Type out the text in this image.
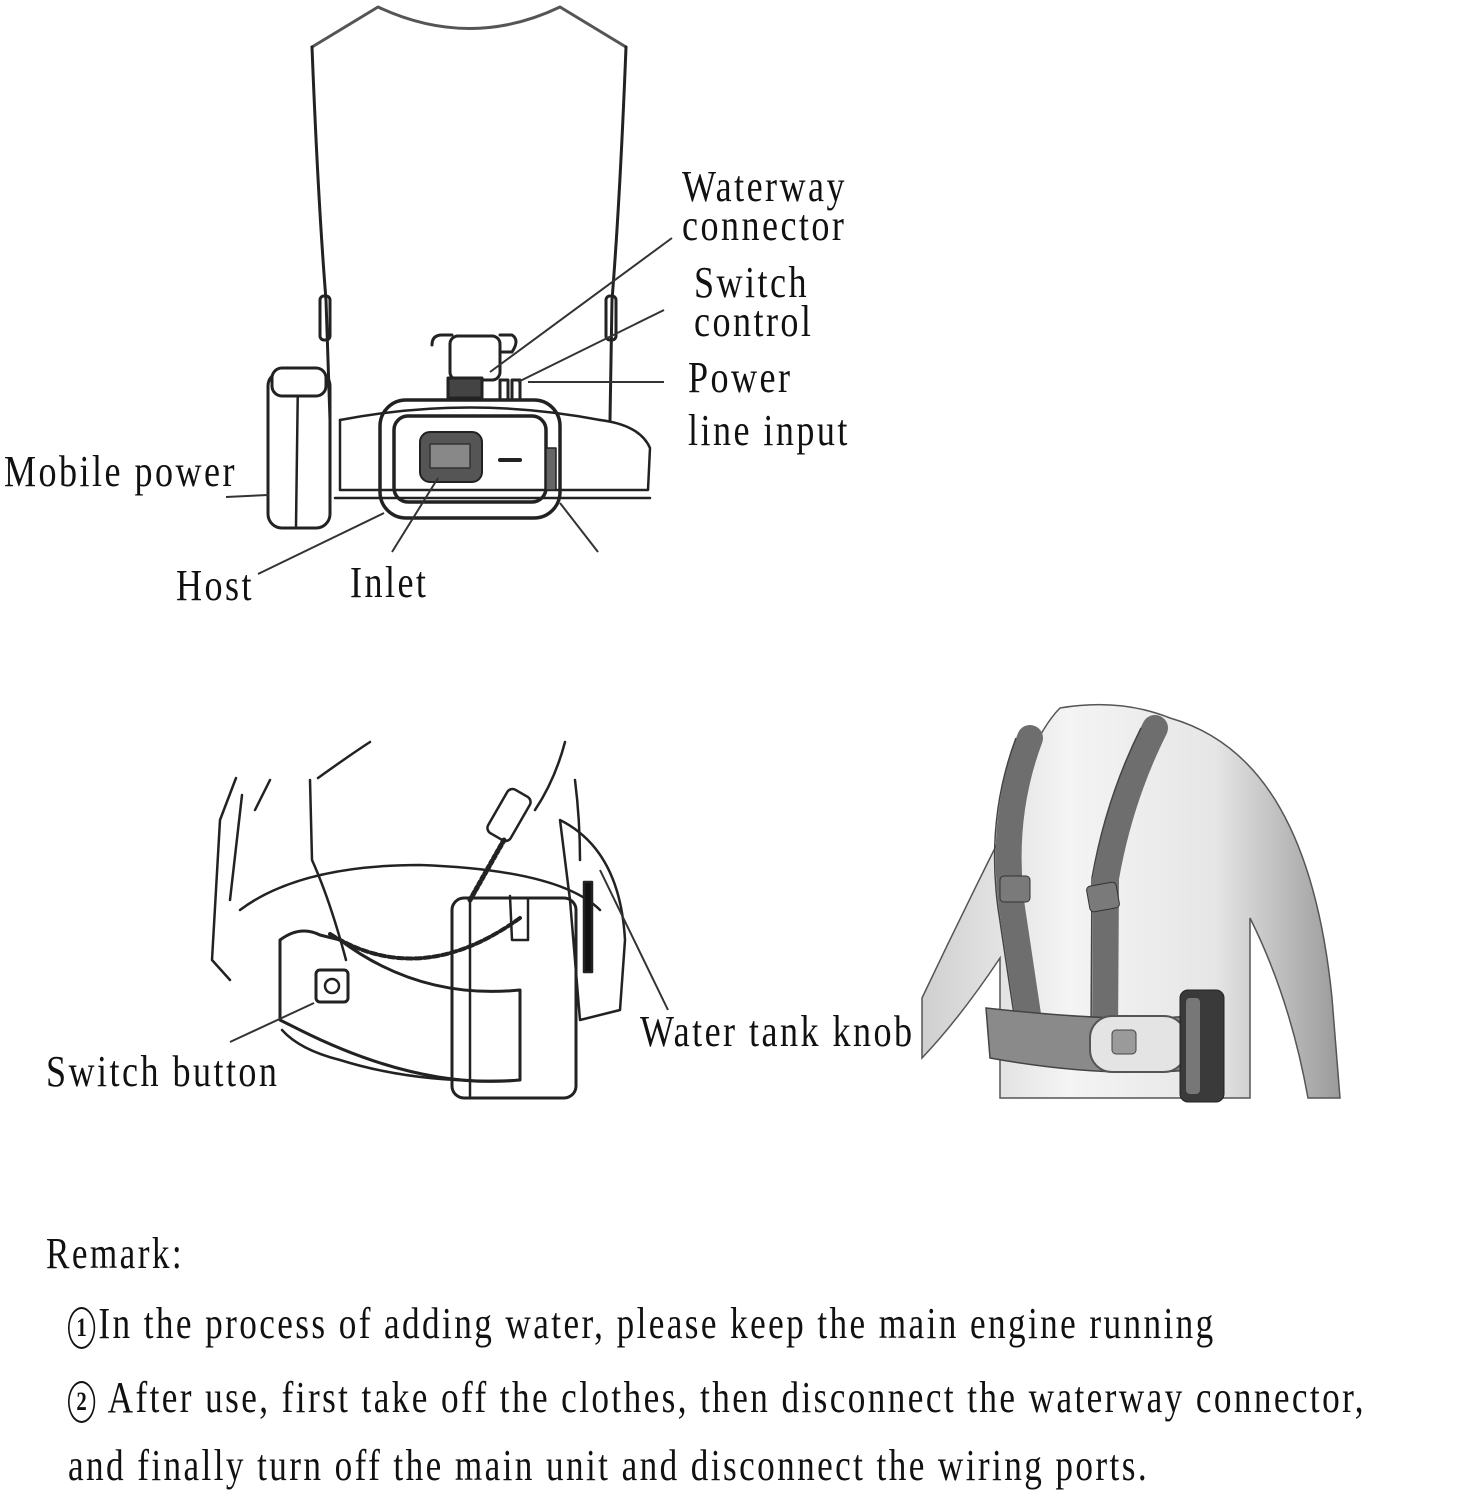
Waterway
connector
Switch
control
Power
line input
Mobile power
Host Inlet
Switch button
Water tank knob
Remark:
1 In the process of adding water, please keep the main engine running
2 After use, first take off the clothes, then disconnect the waterway connector,
and finally turn off the main unit and disconnect the wiring ports.
